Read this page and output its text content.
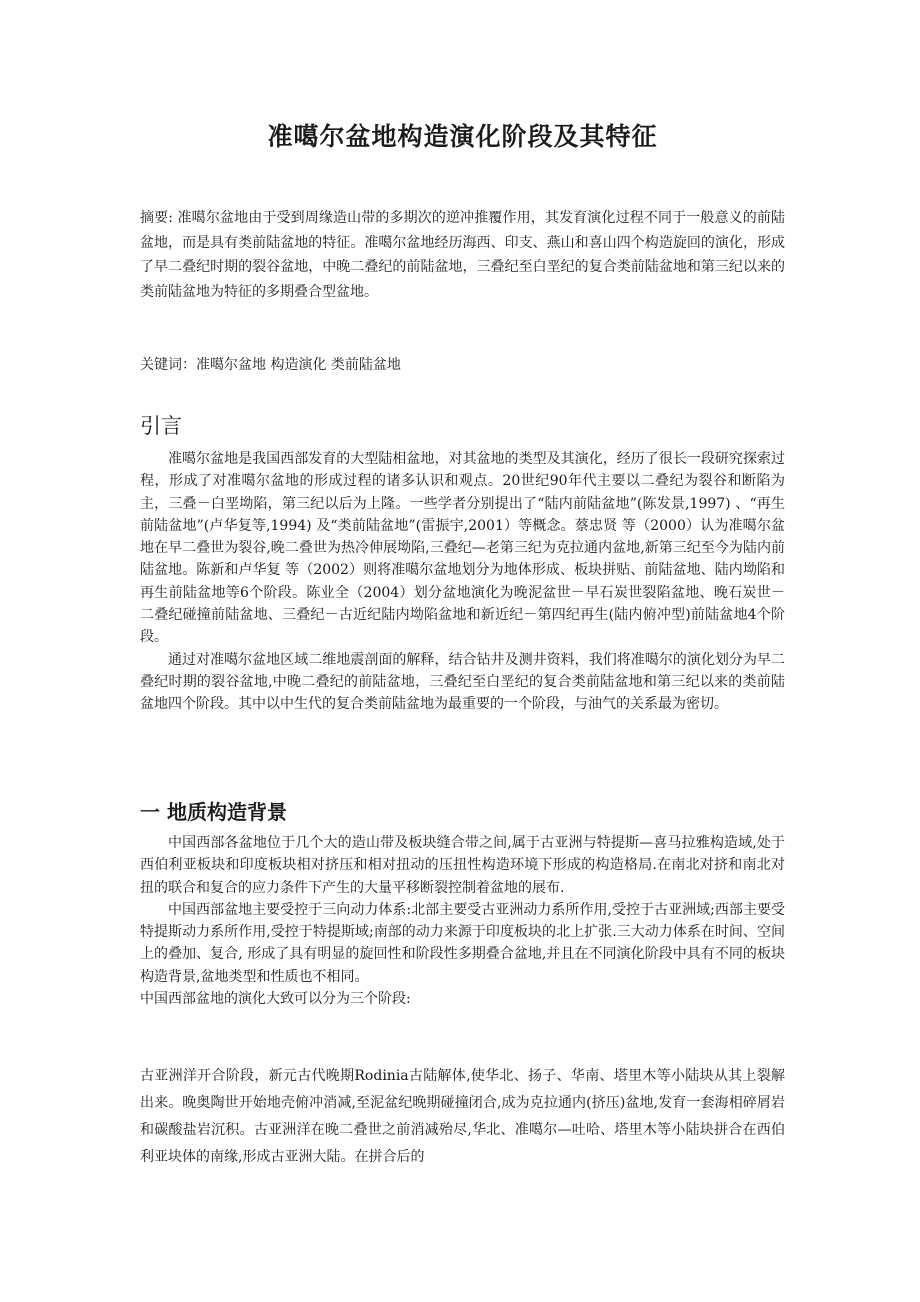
准噶尔盆地构造演化阶段及其特征

摘要: 准噶尔盆地由于受到周缘造山带的多期次的逆冲推覆作用，其发育演化过程不同于一般意义的前陆盆地，而是具有类前陆盆地的特征。准噶尔盆地经历海西、印支、燕山和喜山四个构造旋回的演化，形成了早二叠纪时期的裂谷盆地，中晚二叠纪的前陆盆地，三叠纪至白垩纪的复合类前陆盆地和第三纪以来的类前陆盆地为特征的多期叠合型盆地。

关键词：准噶尔盆地 构造演化 类前陆盆地

引言

准噶尔盆地是我国西部发育的大型陆相盆地，对其盆地的类型及其演化，经历了很长一段研究探索过程，形成了对准噶尔盆地的形成过程的诸多认识和观点。20世纪90年代主要以二叠纪为裂谷和断陷为主，三叠－白垩坳陷，第三纪以后为上隆。一些学者分别提出了“陆内前陆盆地”(陈发景,1997) 、“再生前陆盆地”(卢华复等,1994) 及“类前陆盆地”(雷振宇,2001）等概念。蔡忠贤 等（2000）认为准噶尔盆地在早二叠世为裂谷,晚二叠世为热冷伸展坳陷,三叠纪—老第三纪为克拉通内盆地,新第三纪至今为陆内前陆盆地。陈新和卢华复 等（2002）则将准噶尔盆地划分为地体形成、板块拼贴、前陆盆地、陆内坳陷和再生前陆盆地等6个阶段。陈业全（2004）划分盆地演化为晚泥盆世－早石炭世裂陷盆地、晚石炭世－二叠纪碰撞前陆盆地、三叠纪－古近纪陆内坳陷盆地和新近纪－第四纪再生(陆内俯冲型)前陆盆地4个阶段。

通过对准噶尔盆地区域二维地震剖面的解释，结合钻井及测井资料，我们将准噶尔的演化划分为早二叠纪时期的裂谷盆地,中晚二叠纪的前陆盆地，三叠纪至白垩纪的复合类前陆盆地和第三纪以来的类前陆盆地四个阶段。其中以中生代的复合类前陆盆地为最重要的一个阶段，与油气的关系最为密切。

一 地质构造背景

中国西部各盆地位于几个大的造山带及板块缝合带之间,属于古亚洲与特提斯—喜马拉雅构造域,处于西伯利亚板块和印度板块相对挤压和相对扭动的压扭性构造环境下形成的构造格局.在南北对挤和南北对扭的联合和复合的应力条件下产生的大量平移断裂控制着盆地的展布.

中国西部盆地主要受控于三向动力体系:北部主要受古亚洲动力系所作用,受控于古亚洲域;西部主要受特提斯动力系所作用,受控于特提斯域;南部的动力来源于印度板块的北上扩张.三大动力体系在时间、空间上的叠加、复合, 形成了具有明显的旋回性和阶段性多期叠合盆地,并且在不同演化阶段中具有不同的板块构造背景,盆地类型和性质也不相同。

中国西部盆地的演化大致可以分为三个阶段:

古亚洲洋开合阶段，新元古代晚期Rodinia古陆解体,使华北、扬子、华南、塔里木等小陆块从其上裂解出来。晚奥陶世开始地壳俯冲消减,至泥盆纪晚期碰撞闭合,成为克拉通内(挤压)盆地,发育一套海相碎屑岩和碳酸盐岩沉积。古亚洲洋在晚二叠世之前消减殆尽,华北、准噶尔—吐哈、塔里木等小陆块拼合在西伯利亚块体的南缘,形成古亚洲大陆。在拼合后的
